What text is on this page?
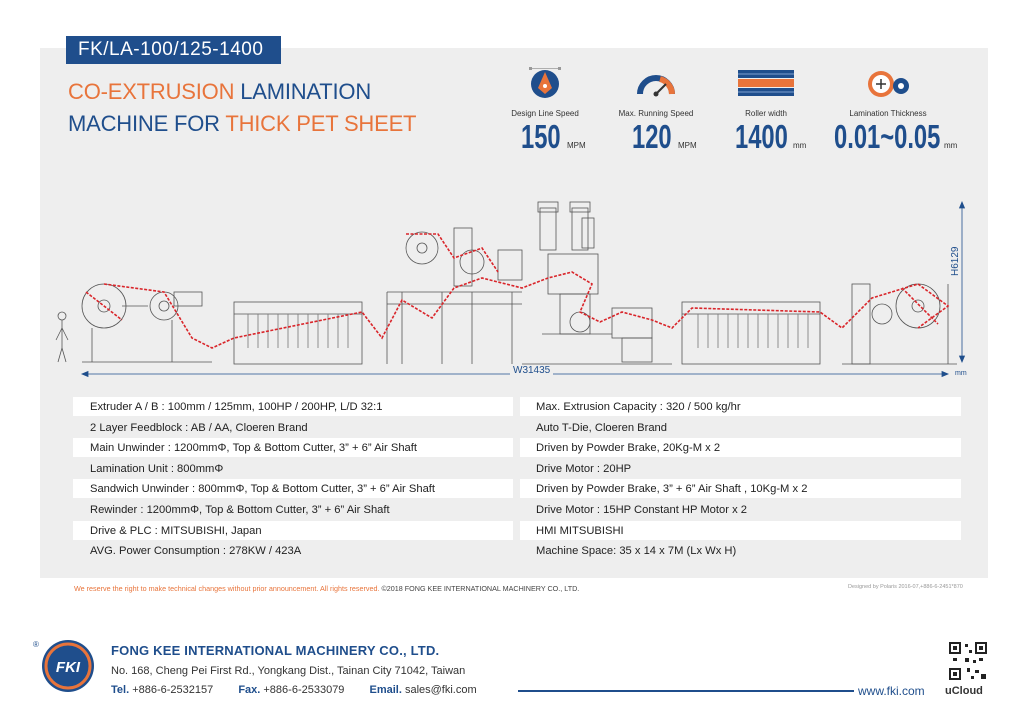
FK/LA-100/125-1400
CO-EXTRUSION LAMINATION
MACHINE FOR THICK PET SHEET	Design Line Speed	Max. Running Speed	Roller width	Lamination Thickness
150 MPM 120 MPM 1400 mm 0.01~0.05 mm
W31435
H6129
mm
Extruder A / B : 100mm / 125mm, 100HP / 200HP, L/D 32:1	Max. Extrusion Capacity : 320 / 500 kg/hr
2 Layer Feedblock : AB / AA, Cloeren Brand	Auto T-Die, Cloeren Brand
Main Unwinder : 1200mmΦ, Top & Bottom Cutter, 3” + 6” Air Shaft	Driven by Powder Brake, 20Kg-M x 2
Lamination Unit : 800mmΦ	Drive Motor : 20HP
Sandwich Unwinder : 800mmΦ, Top & Bottom Cutter, 3” + 6” Air Shaft	Driven by Powder Brake, 3” + 6” Air Shaft , 10Kg-M x 2
Rewinder : 1200mmΦ, Top & Bottom Cutter, 3” + 6” Air Shaft	Drive Motor : 15HP Constant HP Motor x 2
Drive & PLC : MITSUBISHI, Japan	HMI MITSUBISHI
AVG. Power Consumption : 278KW / 423A	Machine Space: 35 x 14 x 7M (Lx Wx H)
We reserve the right to make technical changes without prior announcement. All rights reserved. ©2018 FONG KEE INTERNATIONAL MACHINERY CO., LTD.	Designed by Polaris 2016-07,+886-6-2451*870
®
FKI
FONG KEE INTERNATIONAL MACHINERY CO., LTD.
No. 168, Cheng Pei First Rd., Yongkang Dist., Tainan City 71042, Taiwan
Tel. +886-6-2532157 Fax. +886-6-2533079 Email. sales@fki.com	www.fki.com uCloud
